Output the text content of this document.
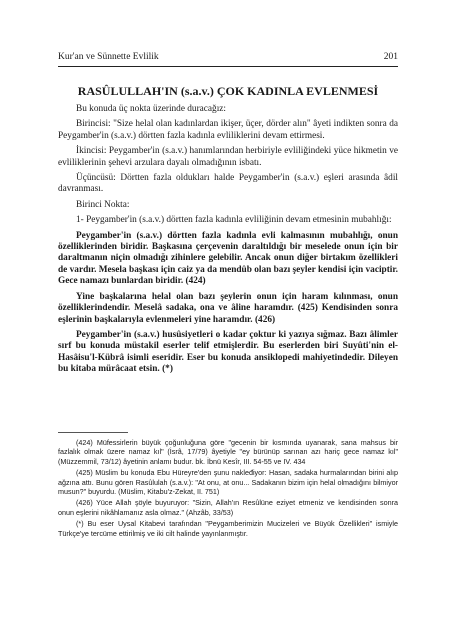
Kur'an ve Sünnette Evlilik	201
RASÛLULLAH'IN (s.a.v.) ÇOK KADINLA EVLENMESİ

Bu konuda üç nokta üzerinde duracağız:

Birincisi: "Size helal olan kadınlardan ikişer, üçer, dörder alın" âyeti indikten sonra da Peygamber'in (s.a.v.) dörtten fazla kadınla evliliklerini devam ettirmesi.

İkincisi: Peygamber'in (s.a.v.) hanımlarından herbiriyle evliliğindeki yüce hikmetin ve evliliklerinin şehevi arzulara dayalı olmadığının isbatı.

Üçüncüsü: Dörtten fazla oldukları halde Peygamber'in (s.a.v.) eşleri arasında âdil davranması.

Birinci Nokta:

1- Peygamber'in (s.a.v.) dörtten fazla kadınla evliliğinin devam etmesinin mubahlığı:

Peygamber'in (s.a.v.) dörtten fazla kadınla evli kalmasının mubahlığı, onun özelliklerinden biridir. Başkasına çerçevenin daraltıldığı bir meselede onun için bir daraltmanın niçin olmadığı zihinlere gelebilir. Ancak onun diğer birtakım özellikleri de vardır. Mesela başkası için caiz ya da mendûb olan bazı şeyler kendisi için vaciptir. Gece namazı bunlardan biridir. (424)

Yine başkalarına helal olan bazı şeylerin onun için haram kılınması, onun özelliklerindendir. Meselâ sadaka, ona ve âline haramdır. (425) Kendisinden sonra eşlerinin başkalarıyla evlenmeleri yine haramdır. (426)

Peygamber'in (s.a.v.) husûsiyetleri o kadar çoktur ki yazıya sığmaz. Bazı âlimler sırf bu konuda müstakil eserler telif etmişlerdir. Bu eserlerden biri Suyûti'nin el-Hasâisu'l-Kübrâ isimli eseridir. Eser bu konuda ansiklopedi mahiyetindedir. Dileyen bu kitaba mürâcaat etsin. (*)

(424) Müfessirlerin büyük çoğunluğuna göre "gecenin bir kısmında uyanarak, sana mahsus bir fazlalık olmak üzere namaz kıl" (İsrâ, 17/79) âyetiyle "ey bürünüp sarınan azı hariç gece namaz kıl" (Müzzemmil, 73/12) âyetinin anlamı budur. bk. İbnü Kesîr, III. 54-55 ve IV. 434

(425) Müslim bu konuda Ebu Hüreyre'den şunu nakleđiyor: Hasan, sadaka hurmalarından birini alıp ağzına attı. Bunu gören Rasûlulah (s.a.v.): "At onu, at onu... Sadakanın bizim için helal olmadığını bilmiyor musun?" buyurdu. (Müslim, Kitabu'z-Zekat, II. 751)

(426) Yüce Allah şöyle buyuruyor: "Sizin, Allah'ın Resûlüne eziyet etmeniz ve kendisinden sonra onun eşlerini nikâhlamanız asla olmaz." (Ahzâb, 33/53)

(*) Bu eser Uysal Kitabevi tarafından "Peygamberimizin Mucizeleri ve Büyük Özellikleri" ismiyle Türkçe'ye tercüme ettirilmiş ve iki cilt halinde yayınlanmıştır.
